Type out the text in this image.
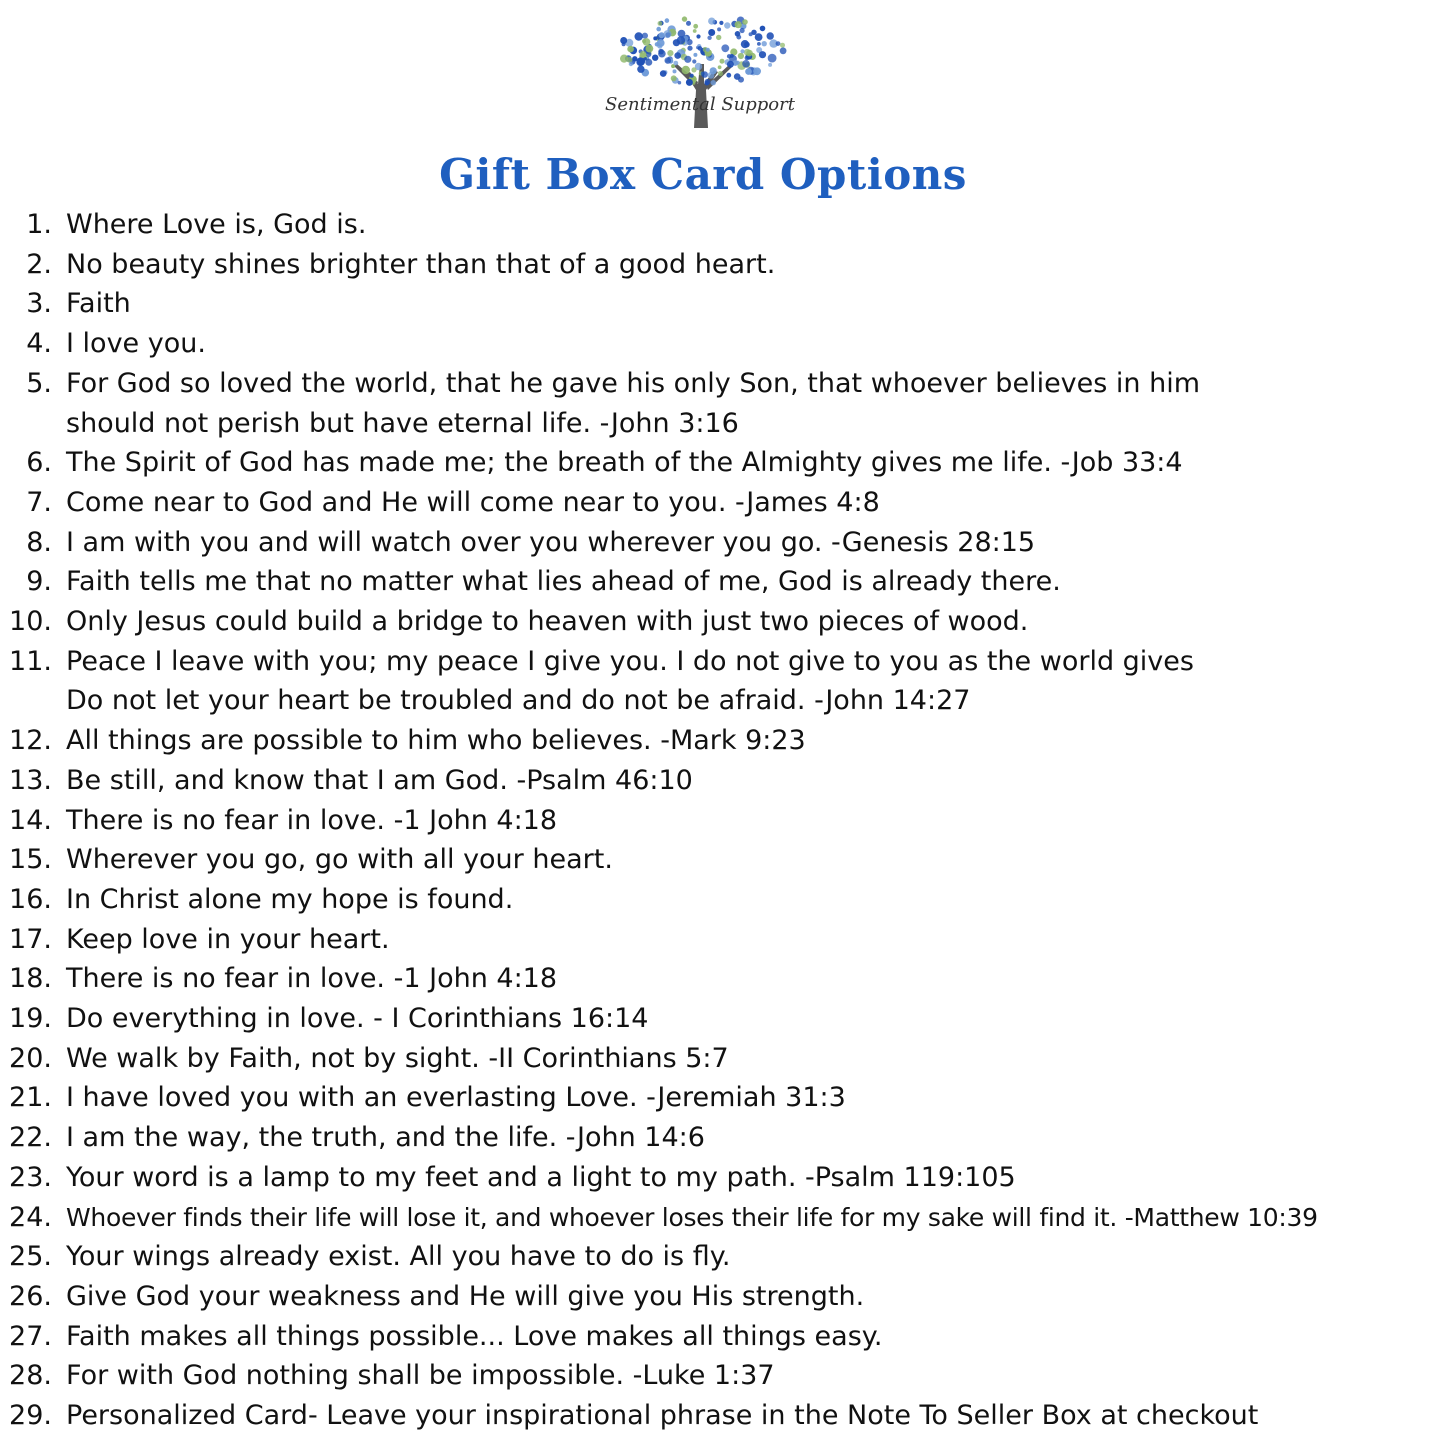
Sentimental Support
Gift Box Card Options
1. Where Love is, God is.
2. No beauty shines brighter than that of a good heart.
3. Faith
4. I love you.
5. For God so loved the world, that he gave his only Son, that whoever believes in him
should not perish but have eternal life. -John 3:16
6. The Spirit of God has made me; the breath of the Almighty gives me life. -Job 33:4
7. Come near to God and He will come near to you. -James 4:8
8. I am with you and will watch over you wherever you go. -Genesis 28:15
9. Faith tells me that no matter what lies ahead of me, God is already there.
10. Only Jesus could build a bridge to heaven with just two pieces of wood.
11. Peace I leave with you; my peace I give you. I do not give to you as the world gives
Do not let your heart be troubled and do not be afraid. -John 14:27
12. All things are possible to him who believes. -Mark 9:23
13. Be still, and know that I am God. -Psalm 46:10
14. There is no fear in love. -1 John 4:18
15. Wherever you go, go with all your heart.
16. In Christ alone my hope is found.
17. Keep love in your heart.
18. There is no fear in love. -1 John 4:18
19. Do everything in love. - I Corinthians 16:14
20. We walk by Faith, not by sight. -II Corinthians 5:7
21. I have loved you with an everlasting Love. -Jeremiah 31:3
22. I am the way, the truth, and the life. -John 14:6
23. Your word is a lamp to my feet and a light to my path. -Psalm 119:105
24. Whoever finds their life will lose it, and whoever loses their life for my sake will find it. -Matthew 10:39
25. Your wings already exist. All you have to do is fly.
26. Give God your weakness and He will give you His strength.
27. Faith makes all things possible... Love makes all things easy.
28. For with God nothing shall be impossible. -Luke 1:37
29. Personalized Card- Leave your inspirational phrase in the Note To Seller Box at checkout
